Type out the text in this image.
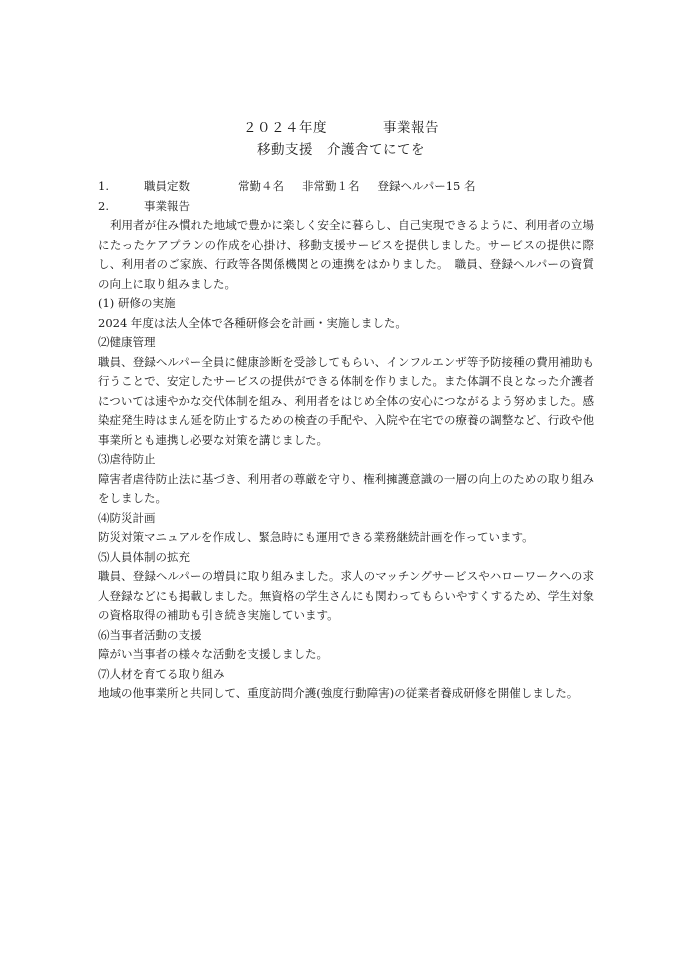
２０２４年度	事業報告
移動支援 介護舎てにてを

1.	職員定数	常勤４名 非常勤１名 登録ヘルパー15 名

2.	事業報告

利用者が住み慣れた地域で豊かに楽しく安全に暮らし、自己実現できるように、利用者の立場にたったケアプランの作成を心掛け、移動支援サービスを提供しました。サービスの提供に際し、利用者のご家族、行政等各関係機関との連携をはかりました。　職員、登録ヘルパーの資質の向上に取り組みました。

(1) 研修の実施

2024 年度は法人全体で各種研修会を計画・実施しました。

⑵健康管理

職員、登録ヘルパー全員に健康診断を受診してもらい、インフルエンザ等予防接種の費用補助も行うことで、安定したサービスの提供ができる体制を作りました。また体調不良となった介護者については速やかな交代体制を組み、利用者をはじめ全体の安心につながるよう努めました。感染症発生時はまん延を防止するための検査の手配や、入院や在宅での療養の調整など、行政や他事業所とも連携し必要な対策を講じました。

⑶虐待防止

障害者虐待防止法に基づき、利用者の尊厳を守り、権利擁護意識の一層の向上のための取り組みをしました。

⑷防災計画

防災対策マニュアルを作成し、緊急時にも運用できる業務継続計画を作っています。

⑸人員体制の拡充

職員、登録ヘルパーの増員に取り組みました。求人のマッチングサービスやハローワークへの求人登録などにも掲載しました。無資格の学生さんにも関わってもらいやすくするため、学生対象の資格取得の補助も引き続き実施しています。

⑹当事者活動の支援

障がい当事者の様々な活動を支援しました。

⑺人材を育てる取り組み

地域の他事業所と共同して、重度訪問介護(強度行動障害)の従業者養成研修を開催しました。
